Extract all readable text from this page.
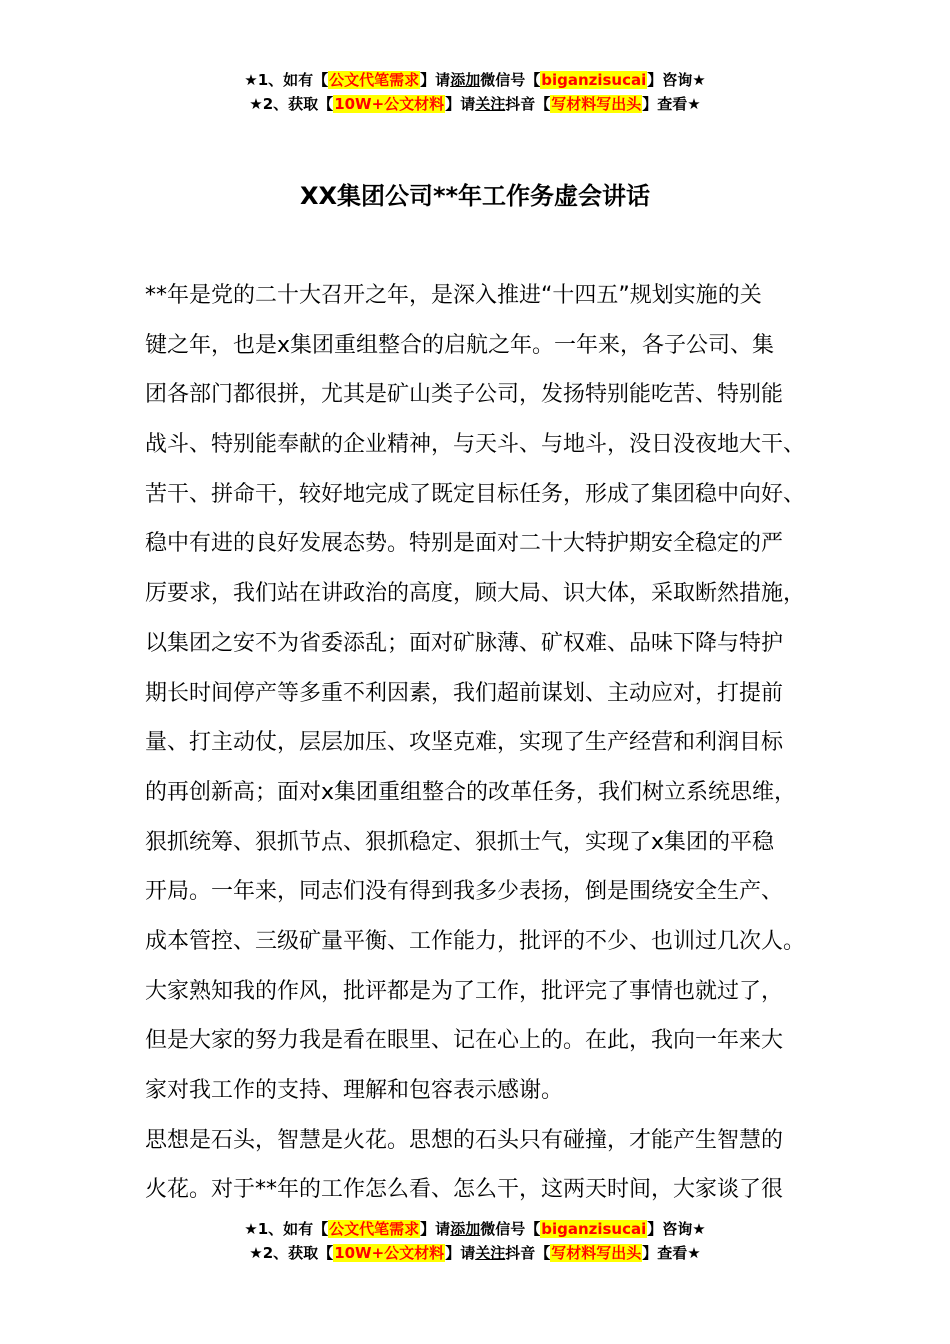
★1、如有【公文代笔需求】请添加微信号【biganzisucai】咨询★
★2、获取【10W+公文材料】请关注抖音【写材料写出头】查看★
XX集团公司**年工作务虚会讲话
**年是党的二十大召开之年，是深入推进“十四五”规划实施的关
键之年，也是x集团重组整合的启航之年。一年来，各子公司、集
团各部门都很拼，尤其是矿山类子公司，发扬特别能吃苦、特别能
战斗、特别能奉献的企业精神，与天斗、与地斗，没日没夜地大干、
苦干、拼命干，较好地完成了既定目标任务，形成了集团稳中向好、
稳中有进的良好发展态势。特别是面对二十大特护期安全稳定的严
厉要求，我们站在讲政治的高度，顾大局、识大体，采取断然措施，
以集团之安不为省委添乱；面对矿脉薄、矿权难、品味下降与特护
期长时间停产等多重不利因素，我们超前谋划、主动应对，打提前
量、打主动仗，层层加压、攻坚克难，实现了生产经营和利润目标
的再创新高；面对x集团重组整合的改革任务，我们树立系统思维，
狠抓统筹、狠抓节点、狠抓稳定、狠抓士气，实现了x集团的平稳
开局。一年来，同志们没有得到我多少表扬，倒是围绕安全生产、
成本管控、三级矿量平衡、工作能力，批评的不少、也训过几次人。
大家熟知我的作风，批评都是为了工作，批评完了事情也就过了，
但是大家的努力我是看在眼里、记在心上的。在此，我向一年来大
家对我工作的支持、理解和包容表示感谢。
思想是石头，智慧是火花。思想的石头只有碰撞，才能产生智慧的
火花。对于**年的工作怎么看、怎么干，这两天时间，大家谈了很
★1、如有【公文代笔需求】请添加微信号【biganzisucai】咨询★
★2、获取【10W+公文材料】请关注抖音【写材料写出头】查看★
